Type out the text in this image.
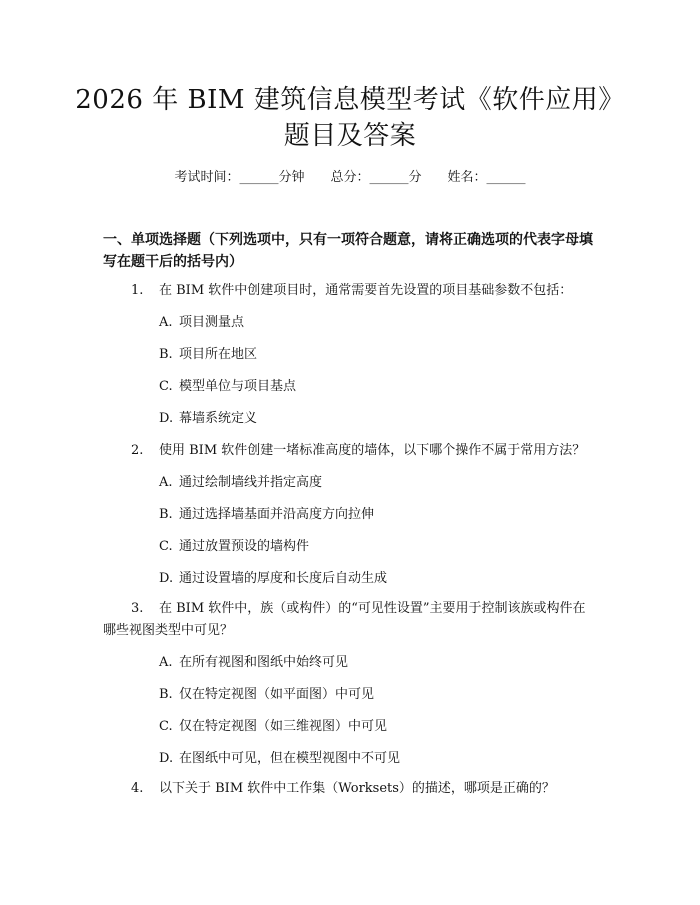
2026 年 BIM 建筑信息模型考试《软件应用》
题目及答案
考试时间：______分钟 总分：______分 姓名：______
一、单项选择题（下列选项中，只有一项符合题意，请将正确选项的代表字母填写在题干后的括号内）
1. 在 BIM 软件中创建项目时，通常需要首先设置的项目基础参数不包括：
A. 项目测量点
B. 项目所在地区
C. 模型单位与项目基点
D. 幕墙系统定义
2. 使用 BIM 软件创建一堵标准高度的墙体，以下哪个操作不属于常用方法？
A. 通过绘制墙线并指定高度
B. 通过选择墙基面并沿高度方向拉伸
C. 通过放置预设的墙构件
D. 通过设置墙的厚度和长度后自动生成
3. 在 BIM 软件中，族（或构件）的“可见性设置”主要用于控制该族或构件在哪些视图类型中可见？
A. 在所有视图和图纸中始终可见
B. 仅在特定视图（如平面图）中可见
C. 仅在特定视图（如三维视图）中可见
D. 在图纸中可见，但在模型视图中不可见
4. 以下关于 BIM 软件中工作集（Worksets）的描述，哪项是正确的？
